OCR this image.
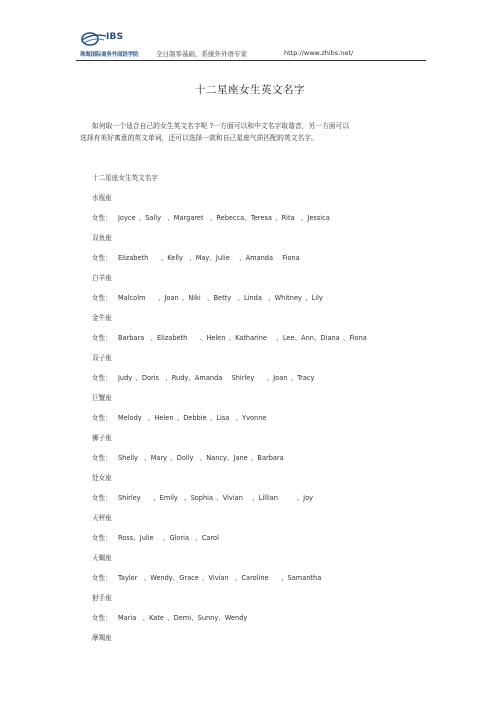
IBS
珠海国际商务外国语学院	全日制零基础，系统外外语专家	http://www.zhibs.net/
十二星座女生英文名字
如何取一个适合自己的女生英文名字呢 ?一方面可以和中文名字取谐音，另一方面可以
选择有美好寓意的英文单词，还可以选择一款和自己星座气质匹配的英文名字。
十二星座女生英文名字
水瓶座
女性：  Joyce 、Sally  、Margaret  、Rebecca、Teresa 、Rita  、Jessica
双鱼座
女性：  Elizabeth    、Kelly  、May、Julie   、Amanda   Fiona
白羊座
女性：  Malcolm    、Joan 、Niki  、Betty  、Linda  、Whitney 、Lily
金牛座
女性：  Barbara  、Elizabeth    、Helen 、Katharine   、Lee、Ann、Diana 、Fiona
双子座
女性：  Judy 、Doris  、Rudy、Amanda   Shirley    、Joan 、Tracy
巨蟹座
女性：  Melody  、Helen 、Debbie 、Lisa  、Yvonne
狮子座
女性：  Shelly  、Mary 、Dolly  、Nancy、Jane 、Barbara
处女座
女性：  Shirley    、Emily  、Sophia 、Vivian   、Lillian      、Joy
天秤座
女性：  Ross、Julie   、Gloria  、Carol
天蝎座
女性：  Taylor  、Wendy、Grace 、Vivian  、Caroline    、Samantha
射手座
女性：  Maria  、Kate 、Demi、Sunny、Wendy
摩羯座
